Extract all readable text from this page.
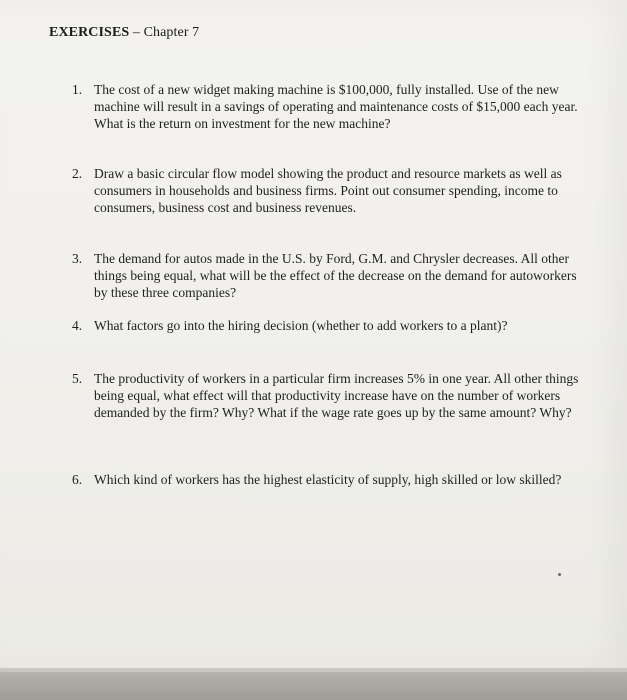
EXERCISES – Chapter 7
1. The cost of a new widget making machine is $100,000, fully installed. Use of the new machine will result in a savings of operating and maintenance costs of $15,000 each year. What is the return on investment for the new machine?
2. Draw a basic circular flow model showing the product and resource markets as well as consumers in households and business firms. Point out consumer spending, income to consumers, business cost and business revenues.
3. The demand for autos made in the U.S. by Ford, G.M. and Chrysler decreases. All other things being equal, what will be the effect of the decrease on the demand for autoworkers by these three companies?
4. What factors go into the hiring decision (whether to add workers to a plant)?
5. The productivity of workers in a particular firm increases 5% in one year. All other things being equal, what effect will that productivity increase have on the number of workers demanded by the firm? Why? What if the wage rate goes up by the same amount? Why?
6. Which kind of workers has the highest elasticity of supply, high skilled or low skilled?
